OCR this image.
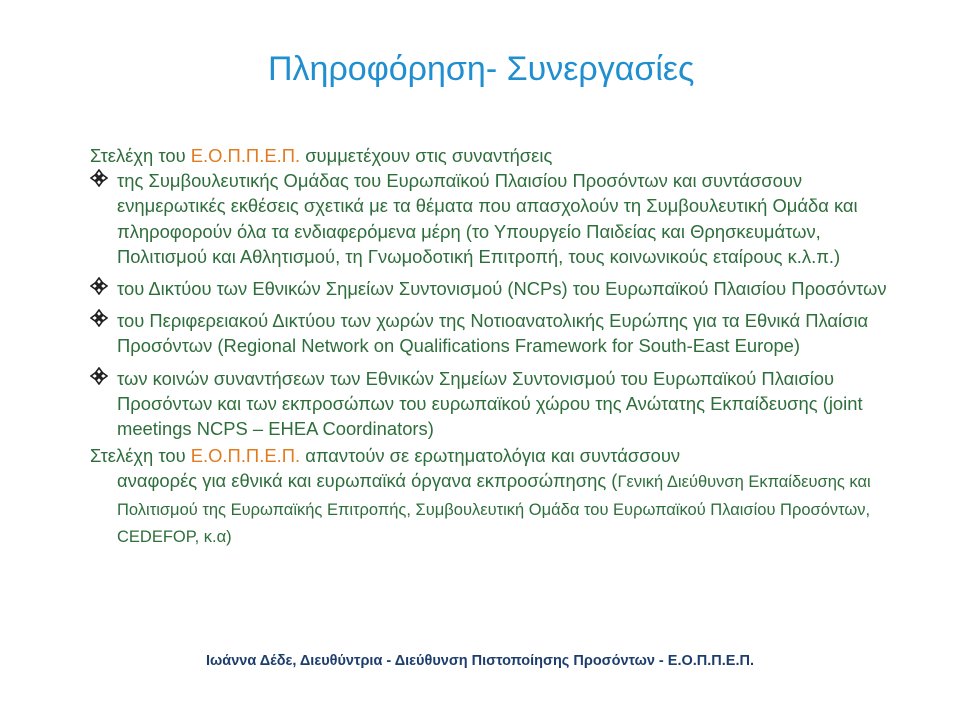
Πληροφόρηση- Συνεργασίες

Στελέχη του Ε.Ο.Π.Π.Ε.Π. συμμετέχουν στις συναντήσεις

της Συμβουλευτικής Ομάδας του Ευρωπαϊκού Πλαισίου Προσόντων και συντάσσουν ενημερωτικές εκθέσεις σχετικά με τα θέματα που απασχολούν τη Συμβουλευτική Ομάδα και πληροφορούν όλα τα ενδιαφερόμενα μέρη (το Υπουργείο Παιδείας και Θρησκευμάτων, Πολιτισμού και Αθλητισμού, τη Γνωμοδοτική Επιτροπή, τους κοινωνικούς εταίρους κ.λ.π.)
του Δικτύου των Εθνικών Σημείων Συντονισμού (NCPs) του Ευρωπαϊκού Πλαισίου Προσόντων
του Περιφερειακού Δικτύου των χωρών της Νοτιοανατολικής Ευρώπης για τα Εθνικά Πλαίσια Προσόντων (Regional Network on Qualifications Framework for South-East Europe)
των κοινών συναντήσεων των Εθνικών Σημείων Συντονισμού του Ευρωπαϊκού Πλαισίου Προσόντων και των εκπροσώπων του ευρωπαϊκού χώρου της Ανώτατης Εκπαίδευσης (joint meetings NCPS – EHEA Coordinators)

Στελέχη του Ε.Ο.Π.Π.Ε.Π. απαντούν σε ερωτηματολόγια και συντάσσουν

αναφορές για εθνικά και ευρωπαϊκά όργανα εκπροσώπησης (Γενική Διεύθυνση Εκπαίδευσης και Πολιτισμού της Ευρωπαϊκής Επιτροπής, Συμβουλευτική Ομάδα του Ευρωπαϊκού Πλαισίου Προσόντων, CEDEFOP, κ.α)

Ιωάννα Δέδε, Διευθύντρια - Διεύθυνση Πιστοποίησης Προσόντων - Ε.Ο.Π.Π.Ε.Π.
